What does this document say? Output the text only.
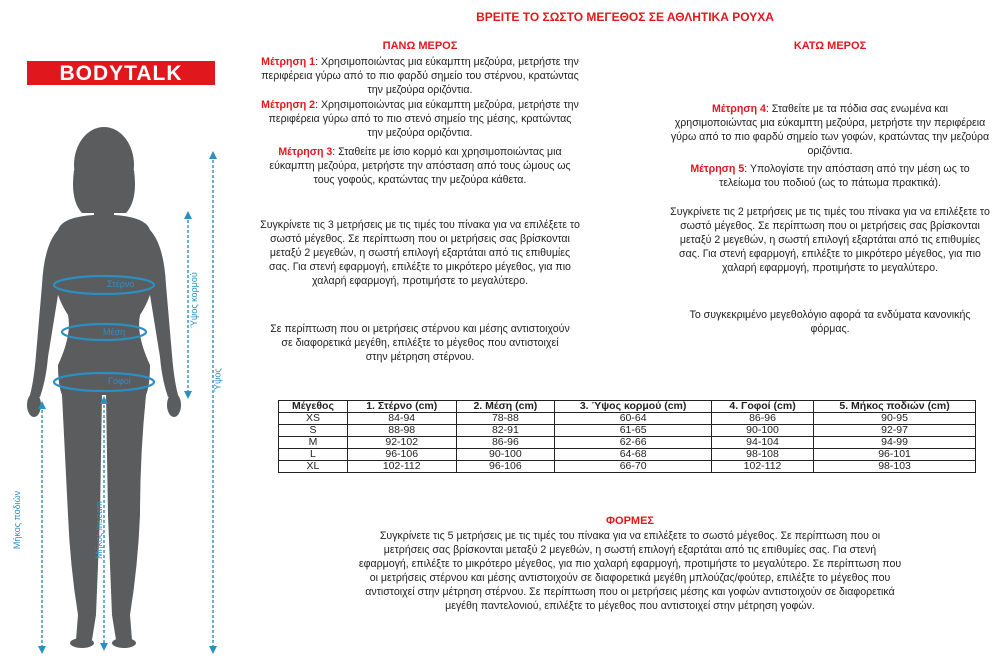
ΒΡΕΙΤΕ ΤΟ ΣΩΣΤΟ ΜΕΓΕΘΟΣ ΣΕ ΑΘΛΗΤΙΚΑ ΡΟΥΧΑ
BODYTALK
Στέρνο
Μέση
Γοφοί
Ύψος κορμού
Ύψος
Μήκος ποδιών	Μήκος inseam
ΠΑΝΩ ΜΕΡΟΣ
Μέτρηση 1: Χρησιμοποιώντας μια εύκαμπτη μεζούρα, μετρήστε την περιφέρεια γύρω από το πιο φαρδύ σημείο του στέρνου, κρατώντας την μεζούρα οριζόντια.
Μέτρηση 2: Χρησιμοποιώντας μια εύκαμπτη μεζούρα, μετρήστε την περιφέρεια γύρω από το πιο στενό σημείο της μέσης, κρατώντας την μεζούρα οριζόντια.
Μέτρηση 3: Σταθείτε με ίσιο κορμό και χρησιμοποιώντας μια εύκαμπτη μεζούρα, μετρήστε την απόσταση από τους ώμους ως τους γοφούς, κρατώντας την μεζούρα κάθετα.
Συγκρίνετε τις 3 μετρήσεις με τις τιμές του πίνακα για να επιλέξετε το σωστό μέγεθος. Σε περίπτωση που οι μετρήσεις σας βρίσκονται μεταξύ 2 μεγεθών, η σωστή επιλογή εξαρτάται από τις επιθυμίες σας. Για στενή εφαρμογή, επιλέξτε το μικρότερο μέγεθος, για πιο χαλαρή εφαρμογή, προτιμήστε το μεγαλύτερο.
Σε περίπτωση που οι μετρήσεις στέρνου και μέσης αντιστοιχούν σε διαφορετικά μεγέθη, επιλέξτε το μέγεθος που αντιστοιχεί στην μέτρηση στέρνου.
ΚΑΤΩ ΜΕΡΟΣ
Μέτρηση 4: Σταθείτε με τα πόδια σας ενωμένα και χρησιμοποιώντας μια εύκαμπτη μεζούρα, μετρήστε την περιφέρεια γύρω από το πιο φαρδύ σημείο των γοφών, κρατώντας την μεζούρα οριζόντια.
Μέτρηση 5: Υπολογίστε την απόσταση από την μέση ως το τελείωμα του ποδιού (ως το πάτωμα πρακτικά).
Συγκρίνετε τις 2 μετρήσεις με τις τιμές του πίνακα για να επιλέξετε το σωστό μέγεθος. Σε περίπτωση που οι μετρήσεις σας βρίσκονται μεταξύ 2 μεγεθών, η σωστή επιλογή εξαρτάται από τις επιθυμίες σας. Για στενή εφαρμογή, επιλέξτε το μικρότερο μέγεθος, για πιο χαλαρή εφαρμογή, προτιμήστε το μεγαλύτερο.
Το συγκεκριμένο μεγεθολόγιο αφορά τα ενδύματα κανονικής φόρμας.
Μέγεθος	1. Στέρνο (cm)	2. Μέση (cm)	3. Ύψος κορμού (cm)	4. Γοφοί (cm)	5. Μήκος ποδιών (cm)
XS	84-94	78-88	60-64	86-96	90-95
S	88-98	82-91	61-65	90-100	92-97
M	92-102	86-96	62-66	94-104	94-99
L	96-106	90-100	64-68	98-108	96-101
XL	102-112	96-106	66-70	102-112	98-103
ΦΟΡΜΕΣ
Συγκρίνετε τις 5 μετρήσεις με τις τιμές του πίνακα για να επιλέξετε το σωστό μέγεθος. Σε περίπτωση που οι μετρήσεις σας βρίσκονται μεταξύ 2 μεγεθών, η σωστή επιλογή εξαρτάται από τις επιθυμίες σας. Για στενή εφαρμογή, επιλέξτε το μικρότερο μέγεθος, για πιο χαλαρή εφαρμογή, προτιμήστε το μεγαλύτερο. Σε περίπτωση που οι μετρήσεις στέρνου και μέσης αντιστοιχούν σε διαφορετικά μεγέθη μπλούζας/φούτερ, επιλέξτε το μέγεθος που αντιστοιχεί στην μέτρηση στέρνου. Σε περίπτωση που οι μετρήσεις μέσης και γοφών αντιστοιχούν σε διαφορετικά μεγέθη παντελονιού, επιλέξτε το μέγεθος που αντιστοιχεί στην μέτρηση γοφών.
